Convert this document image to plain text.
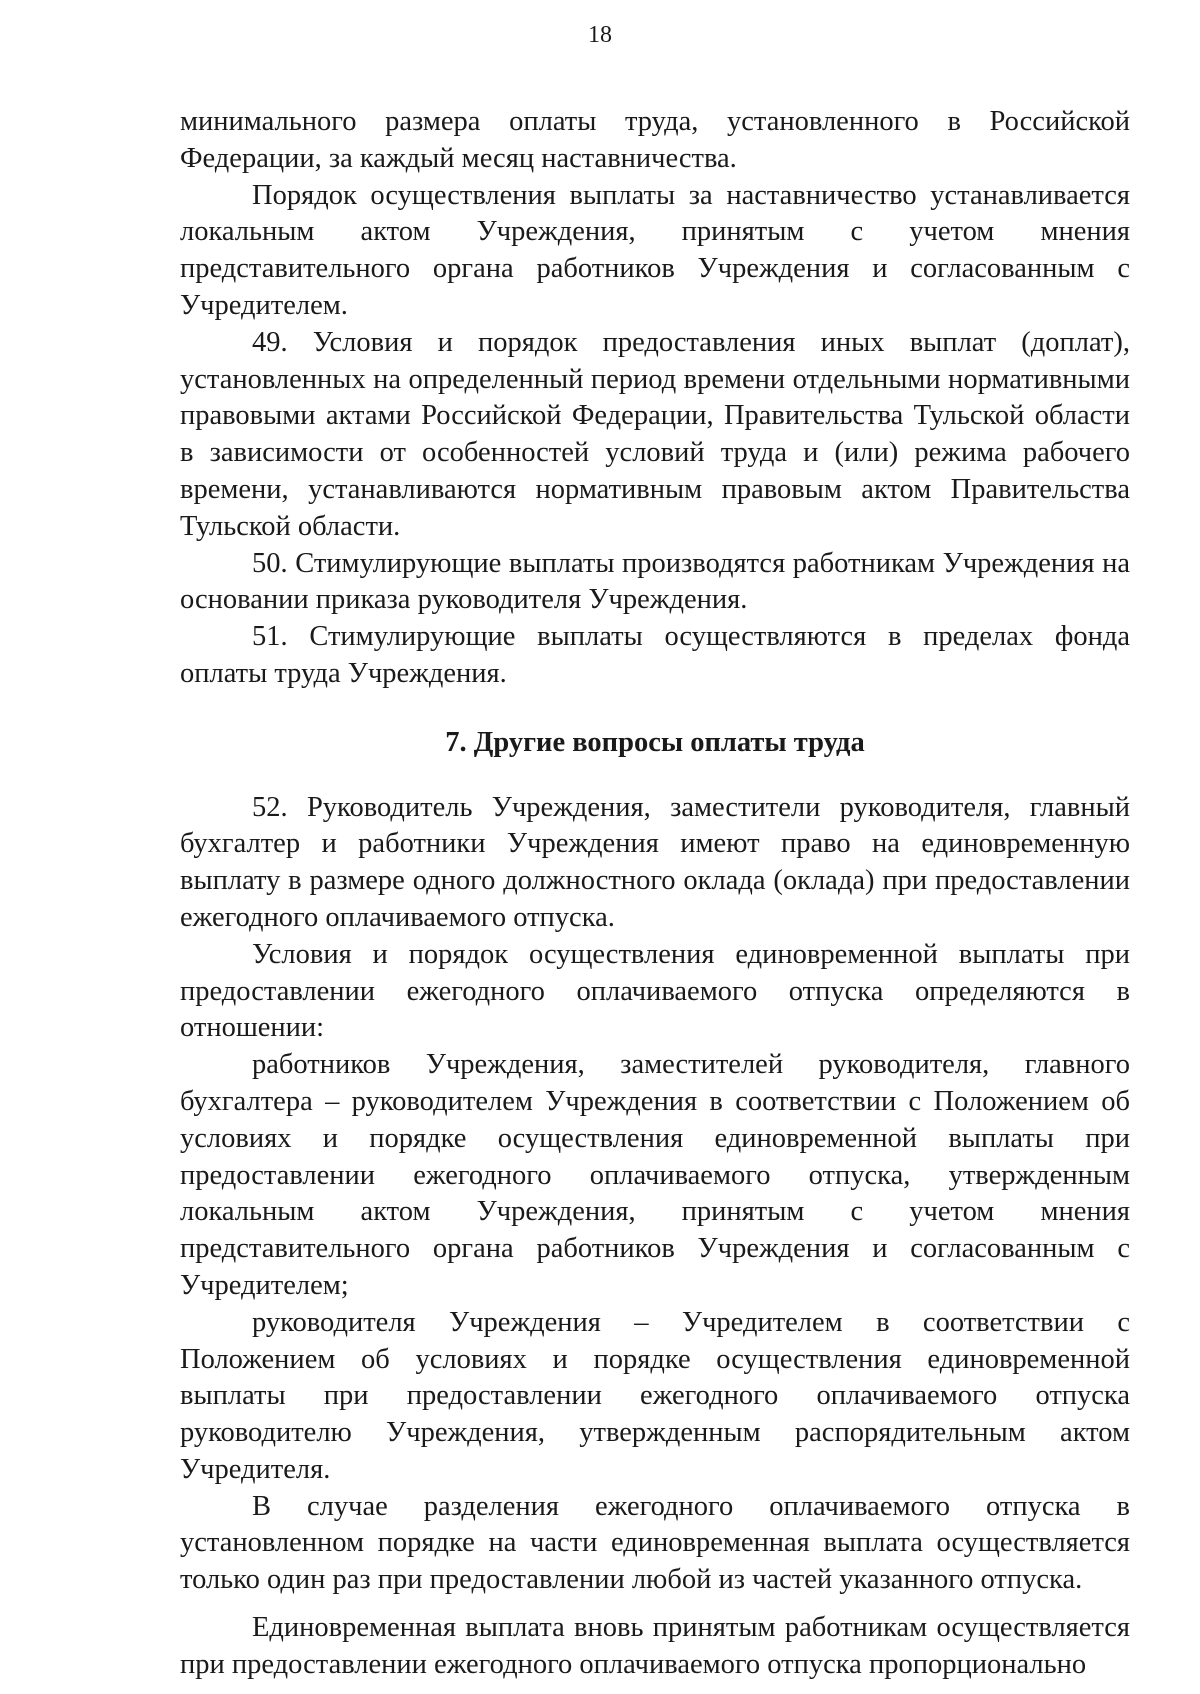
18

минимального размера оплаты труда, установленного в Российской Федерации, за каждый месяц наставничества.

Порядок осуществления выплаты за наставничество устанавливается локальным актом Учреждения, принятым с учетом мнения представительного органа работников Учреждения и согласованным с Учредителем.

49. Условия и порядок предоставления иных выплат (доплат), установленных на определенный период времени отдельными нормативными правовыми актами Российской Федерации, Правительства Тульской области в зависимости от особенностей условий труда и (или) режима рабочего времени, устанавливаются нормативным правовым актом Правительства Тульской области.

50. Стимулирующие выплаты производятся работникам Учреждения на основании приказа руководителя Учреждения.

51. Стимулирующие выплаты осуществляются в пределах фонда оплаты труда Учреждения.

7. Другие вопросы оплаты труда

52. Руководитель Учреждения, заместители руководителя, главный бухгалтер и работники Учреждения имеют право на единовременную выплату в размере одного должностного оклада (оклада) при предоставлении ежегодного оплачиваемого отпуска.

Условия и порядок осуществления единовременной выплаты при предоставлении ежегодного оплачиваемого отпуска определяются в отношении:

работников Учреждения, заместителей руководителя, главного бухгалтера – руководителем Учреждения в соответствии с Положением об условиях и порядке осуществления единовременной выплаты при предоставлении ежегодного оплачиваемого отпуска, утвержденным локальным актом Учреждения, принятым с учетом мнения представительного органа работников Учреждения и согласованным с Учредителем;

руководителя Учреждения – Учредителем в соответствии с Положением об условиях и порядке осуществления единовременной выплаты при предоставлении ежегодного оплачиваемого отпуска руководителю Учреждения, утвержденным распорядительным актом Учредителя.

В случае разделения ежегодного оплачиваемого отпуска в установленном порядке на части единовременная выплата осуществляется только один раз при предоставлении любой из частей указанного отпуска.

Единовременная выплата вновь принятым работникам осуществляется при предоставлении ежегодного оплачиваемого отпуска пропорционально
